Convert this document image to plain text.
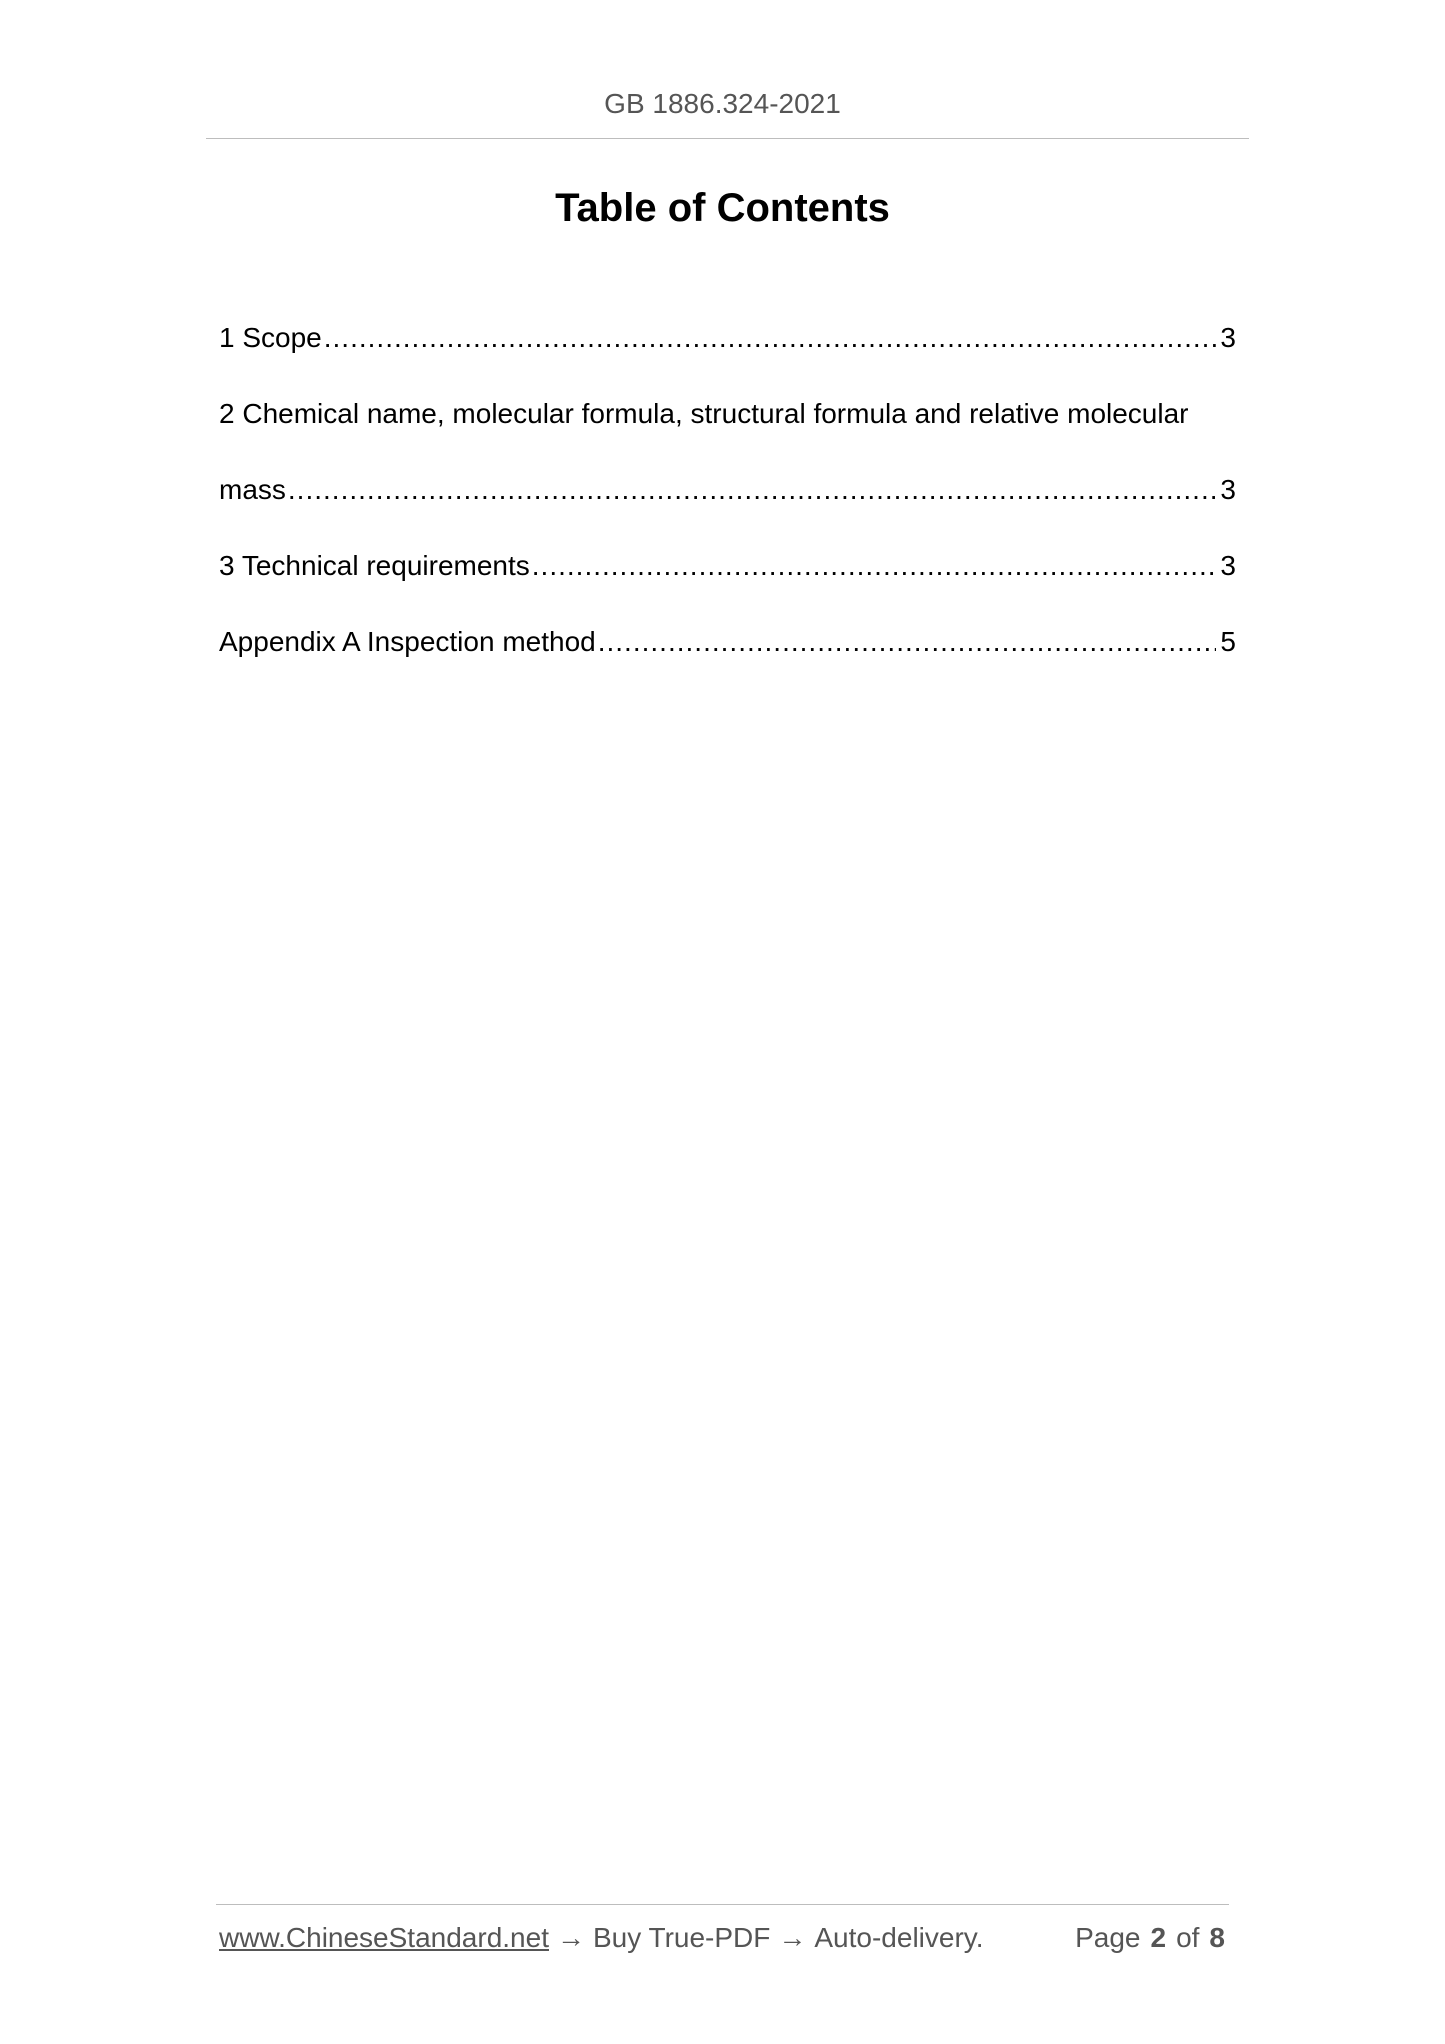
GB 1886.324-2021
Table of Contents
1 Scope .....	3
2 Chemical name, molecular formula, structural formula and relative molecular
mass .....	3
3 Technical requirements .....	3
Appendix A Inspection method .....	5
www.ChineseStandard.net → Buy True-PDF → Auto-delivery.	Page 2 of 8
